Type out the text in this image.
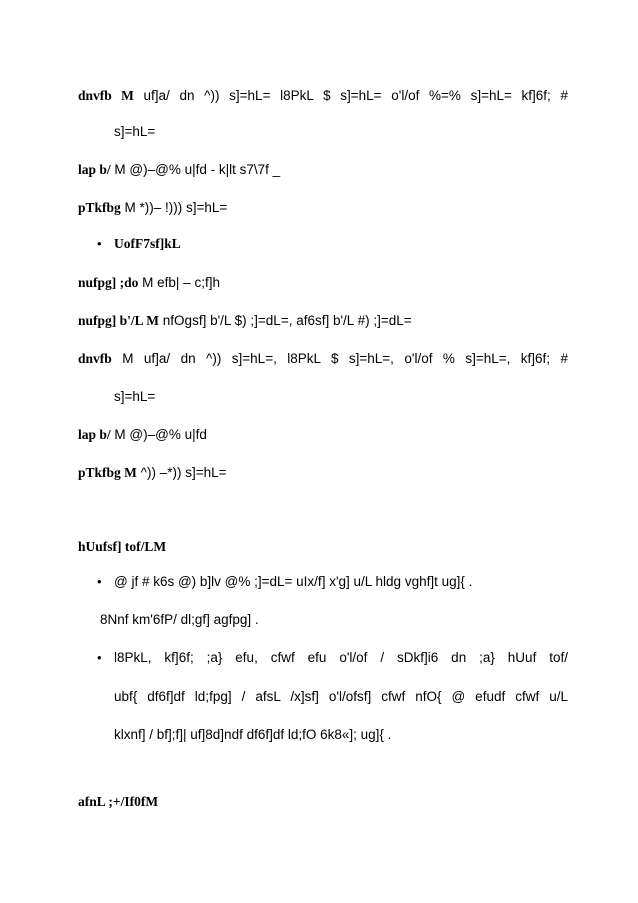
dnvfb M uf]a/ dn ^)) s]=hL= l8PkL $ s]=hL= o'l/of %=% s]=hL= kf]6f; #
s]=hL=
lap b/ M @)–@% u|fd - k|lt s7\7f _
pTkfbg M *))– !))) s]=hL=
• UofF7sf]kL
nufpg] ;do M efb| – c;f]h
nufpg] b'/L M nfOgsf] b'/L $) ;]=dL=, af6sf] b'/L #) ;]=dL=
dnvfb M uf]a/ dn ^)) s]=hL=, l8PkL $ s]=hL=, o'l/of % s]=hL=, kf]6f; #
s]=hL=
lap b/ M @)–@% u|fd
pTkfbg M ^)) –*)) s]=hL=
hUufsf] tof/LM
• @ jf # k6s @) b]lv @% ;]=dL= uIx/f] x'g] u/L hldg vghf]t ug]{ .
8Nnf km'6fP/ dl;gf] agfpg] .
• l8PkL, kf]6f; ;a} efu, cfwf efu o'l/of / sDkf]i6 dn ;a} hUuf tof/
ubf{ df6f]df ld;fpg] / afsL /x]sf] o'l/ofsf] cfwf nfO{ @ efudf cfwf u/L
klxnf] / bf];f]| uf]8d]ndf df6f]df ld;fO 6k8«]; ug]{ .
afnL ;+/If0fM
